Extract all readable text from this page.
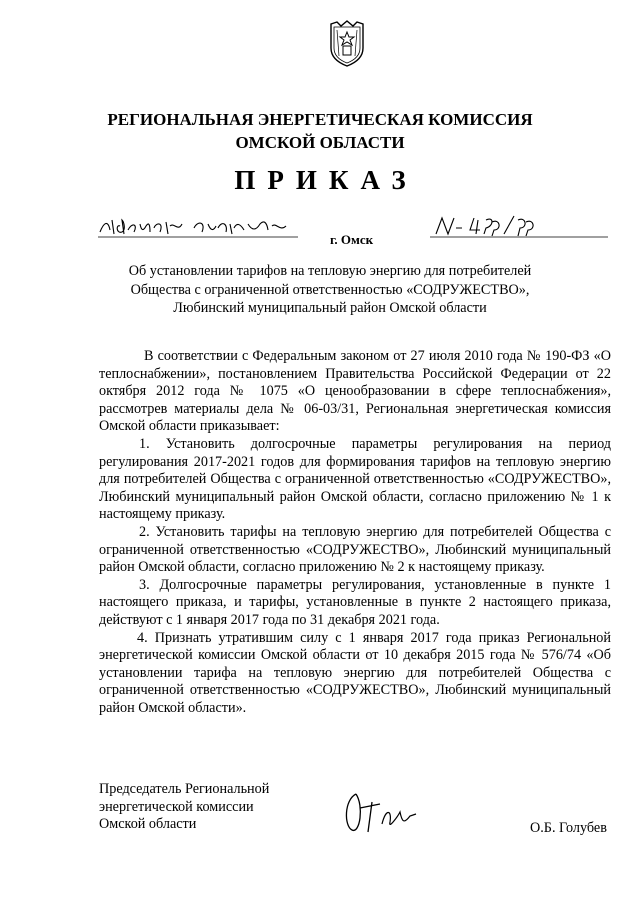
РЕГИОНАЛЬНАЯ ЭНЕРГЕТИЧЕСКАЯ КОМИССИЯ
ОМСКОЙ ОБЛАСТИ
ПРИКАЗ
г. Омск
Об установлении тарифов на тепловую энергию для потребителей
Общества с ограниченной ответственностью «СОДРУЖЕСТВО»,
Любинский муниципальный район Омской области

В соответствии с Федеральным законом от 27 июля 2010 года № 190-ФЗ «О теплоснабжении», постановлением Правительства Российской Федерации от 22 октября 2012 года № 1075 «О ценообразовании в сфере теплоснабжения», рассмотрев материалы дела № 06-03/31, Региональная энергетическая комиссия Омской области приказывает:

1. Установить долгосрочные параметры регулирования на период регулирования 2017-2021 годов для формирования тарифов на тепловую энергию для потребителей Общества с ограниченной ответственностью «СОДРУЖЕСТВО», Любинский муниципальный район Омской области, согласно приложению № 1 к настоящему приказу.

2. Установить тарифы на тепловую энергию для потребителей Общества с ограниченной ответственностью «СОДРУЖЕСТВО», Любинский муниципальный район Омской области, согласно приложению № 2 к настоящему приказу.

3. Долгосрочные параметры регулирования, установленные в пункте 1 настоящего приказа, и тарифы, установленные в пункте 2 настоящего приказа, действуют с 1 января 2017 года по 31 декабря 2021 года.

4. Признать утратившим силу с 1 января 2017 года приказ Региональной энергетической комиссии Омской области от 10 декабря 2015 года № 576/74 «Об установлении тарифа на тепловую энергию для потребителей Общества с ограниченной ответственностью «СОДРУЖЕСТВО», Любинский муниципальный район Омской области».

Председатель Региональной
энергетической комиссии
Омской области	О.Б. Голубев
